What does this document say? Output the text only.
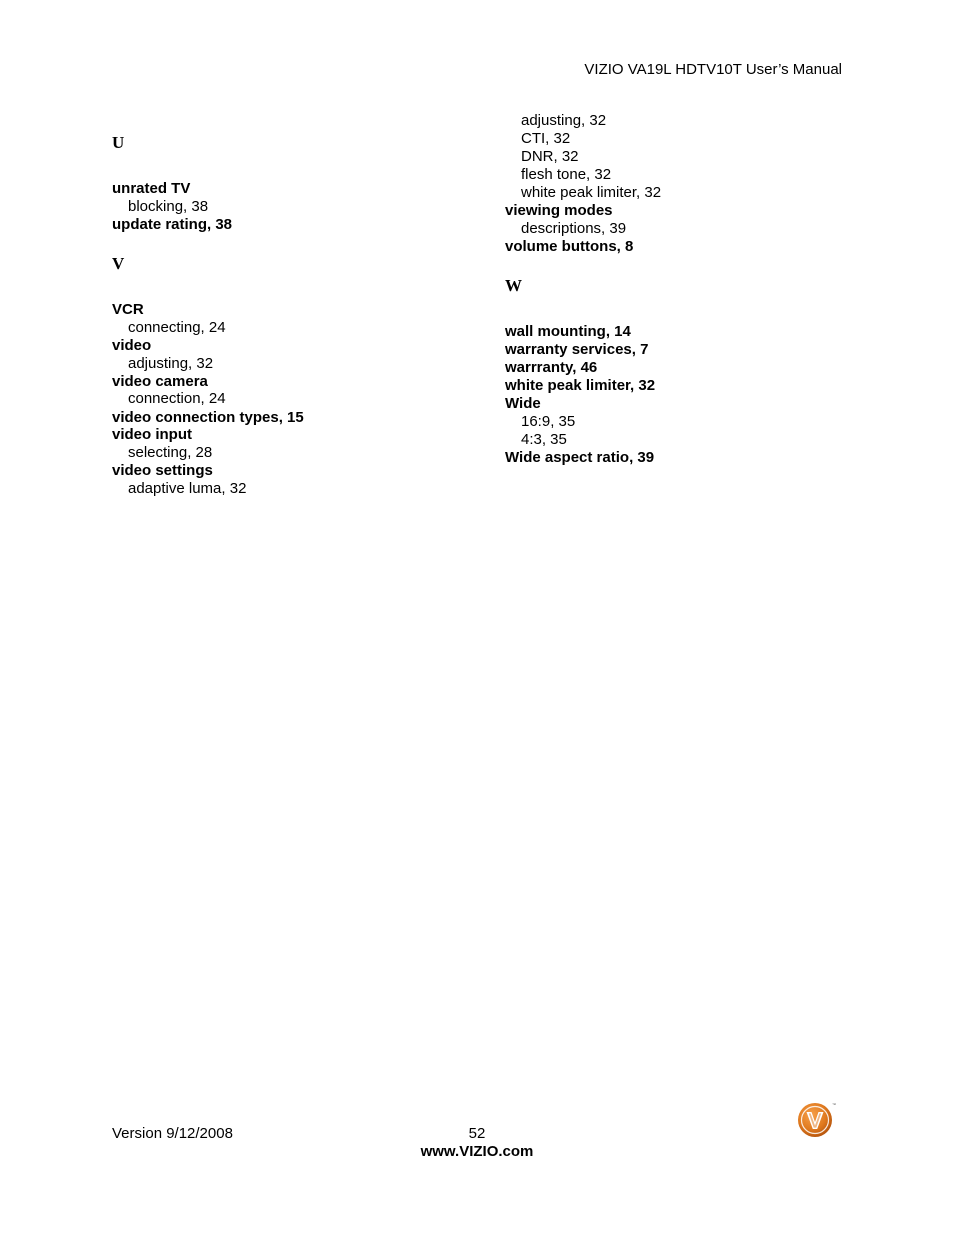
VIZIO VA19L HDTV10T User’s Manual
U
unrated TV
blocking, 38
update rating, 38
V
VCR
connecting, 24
video
adjusting, 32
video camera
connection, 24
video connection types, 15
video input
selecting, 28
video settings
adaptive luma, 32
adjusting, 32
CTI, 32
DNR, 32
flesh tone, 32
white peak limiter, 32
viewing modes
descriptions, 39
volume buttons, 8
W
wall mounting, 14
warranty services, 7
warrranty, 46
white peak limiter, 32
Wide
16:9, 35
4:3, 35
Wide aspect ratio, 39
Version 9/12/2008	52
www.VIZIO.com
™
